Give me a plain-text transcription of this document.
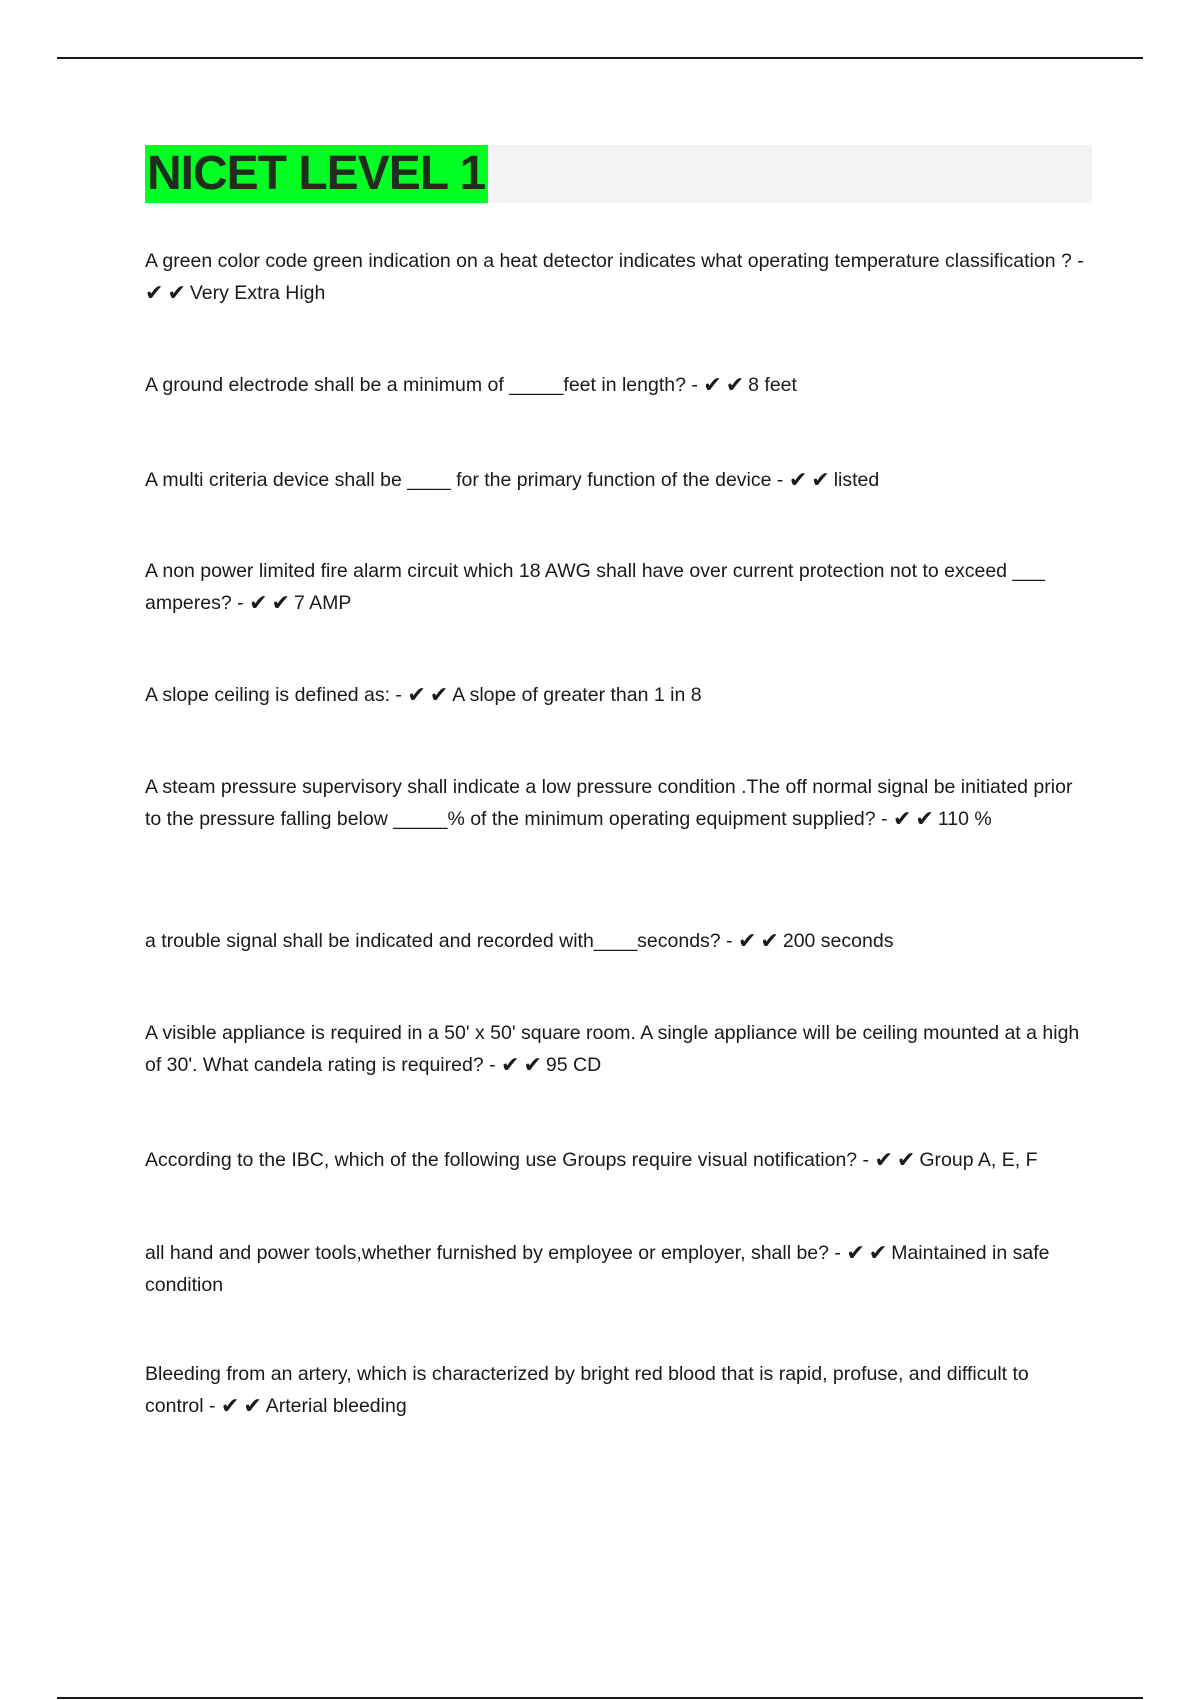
NICET LEVEL 1
A green color code green indication on a heat detector indicates what operating temperature classification ? - ✔ ✔ Very Extra High
A ground electrode shall be a minimum of _____feet in length? - ✔ ✔ 8 feet
A multi criteria device shall be ____ for the primary function of the device - ✔ ✔ listed
A non power limited fire alarm circuit which 18 AWG shall have over current protection not to exceed ___ amperes? - ✔ ✔ 7 AMP
A slope ceiling is defined as: - ✔ ✔ A slope of greater than 1 in 8
A steam pressure supervisory shall indicate a low pressure condition .The off normal signal be initiated prior to the pressure falling below _____% of the minimum operating equipment supplied? - ✔ ✔ 110 %
a trouble signal shall be indicated and recorded with____seconds? - ✔ ✔ 200 seconds
A visible appliance is required in a 50' x 50' square room. A single appliance will be ceiling mounted at a high of 30'. What candela rating is required? - ✔ ✔ 95 CD
According to the IBC, which of the following use Groups require visual notification? - ✔ ✔ Group A, E, F
all hand and power tools,whether furnished by employee or employer, shall be? - ✔ ✔ Maintained in safe condition
Bleeding from an artery, which is characterized by bright red blood that is rapid, profuse, and difficult to control - ✔ ✔ Arterial bleeding
